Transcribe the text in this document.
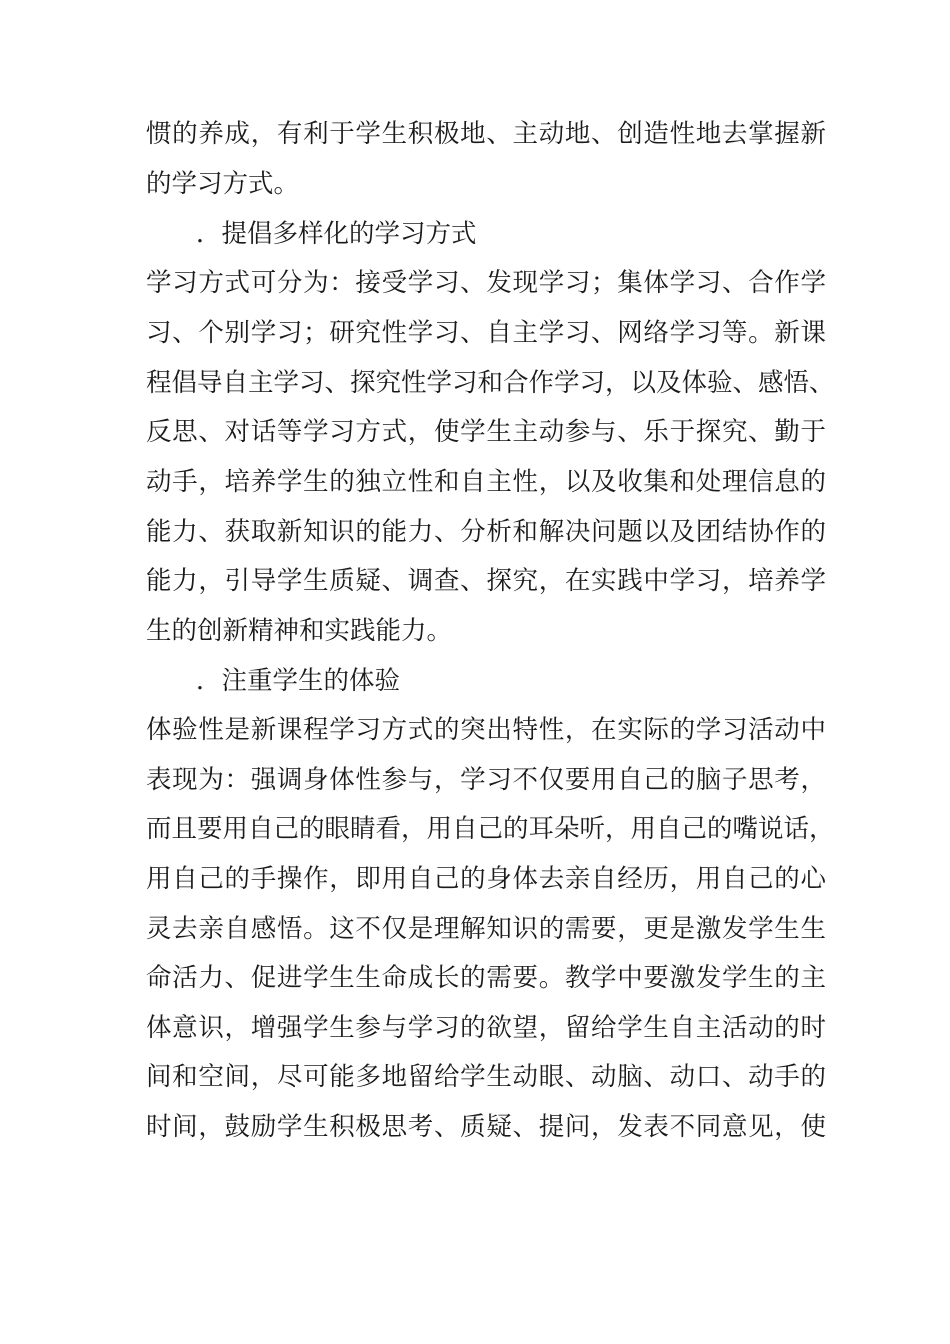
惯的养成，有利于学生积极地、主动地、创造性地去掌握新
的学习方式。
．提倡多样化的学习方式
学习方式可分为：接受学习、发现学习；集体学习、合作学
习、个别学习；研究性学习、自主学习、网络学习等。新课
程倡导自主学习、探究性学习和合作学习，以及体验、感悟、
反思、对话等学习方式，使学生主动参与、乐于探究、勤于
动手，培养学生的独立性和自主性，以及收集和处理信息的
能力、获取新知识的能力、分析和解决问题以及团结协作的
能力，引导学生质疑、调查、探究，在实践中学习，培养学
生的创新精神和实践能力。
．注重学生的体验
体验性是新课程学习方式的突出特性，在实际的学习活动中
表现为：强调身体性参与，学习不仅要用自己的脑子思考，
而且要用自己的眼睛看，用自己的耳朵听，用自己的嘴说话，
用自己的手操作，即用自己的身体去亲自经历，用自己的心
灵去亲自感悟。这不仅是理解知识的需要，更是激发学生生
命活力、促进学生生命成长的需要。教学中要激发学生的主
体意识，增强学生参与学习的欲望，留给学生自主活动的时
间和空间，尽可能多地留给学生动眼、动脑、动口、动手的
时间，鼓励学生积极思考、质疑、提问，发表不同意见，使
